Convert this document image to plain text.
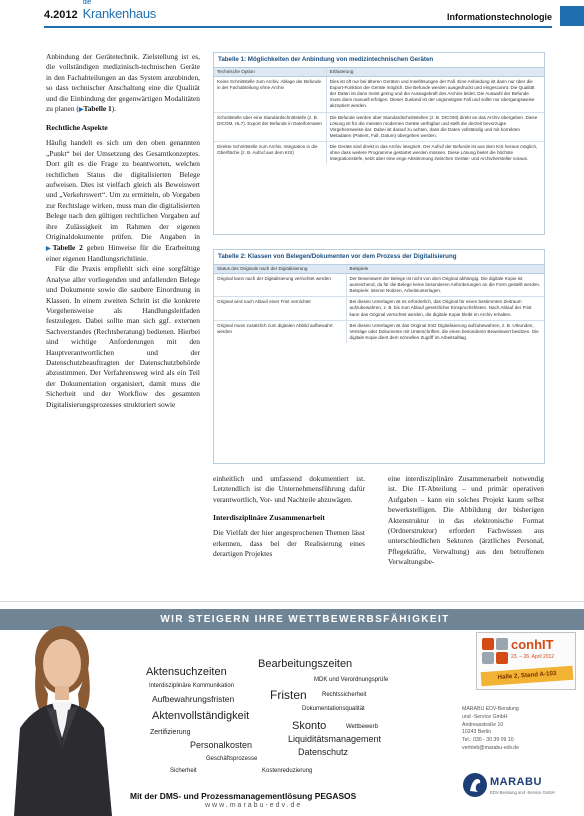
4.2012
die
Krankenhaus	Informationstechnologie

Anbindung der Gerätetechnik. Zielstellung ist es, die vollständigen medizinisch-technischen Geräte in den Fachabteilungen an das System anzubinden, so dass technischer Anschaltung eine die Qualität und die Einbindung der gegenwärtigen Modalitäten zu planen (▶Tabelle 1).

Rechtliche Aspekte

Häufig handelt es sich um den oben genannten „Punkt“ bei der Umsetzung des Gesamtkonzeptes. Dort gilt es die Frage zu beantworten, welchen rechtlichen Status die digitalisierten Belege aufweisen. Dies ist vielfach gleich als Beweiswert und „Verkehrswert“. Um zu ermitteln, ob Vorgaben zur Rechtslage wirken, muss man die digitalisierten Belege nach den gültigen rechtlichen Vorgaben auf ihre Zulässigkeit im Rahmen der eigenen Originaldokumente prüfen. Die Angaben in ▶Tabelle 2 geben Hinweise für die Erarbeitung einer eigenen Handlungsrichtlinie.

Für die Praxis empfiehlt sich eine sorgfältige Analyse aller vorliegenden und anfallenden Belege und Dokumente sowie die saubere Einordnung in Klassen. In einem zweiten Schritt ist die konkrete Vorgehensweise als Handlungsleitfaden festzulegen. Dabei sollte man sich ggf. externen Sachverstandes (Rechtsberatung) bedienen. Hierbei sind wichtige Anforderungen mit den Hauptverantwortlichen und der Datenschutzbeauftragten der Datenschutzbehörde abzustimmen. Der Verfahrensweg wird als ein Teil der Dokumentation organisiert, damit muss die Sicherheit und der Workflow des gesamten Digitalisierungsprozesses strukturiert sowie

Tabelle 1: Möglichkeiten der Anbindung von medizintechnischen Geräten
Technische Option	Erläuterung
Keine Schnittstelle zum Archiv. Ablage der Befunde in der Fachabteilung ohne Archiv	Dies ist oft nur bei älteren Geräten und Insellösungen der Fall. Eine Anbindung ist dann nur über die Export-Funktion der Geräte möglich. Die Befunde werden ausgedruckt und eingescannt. Die Qualität der Daten ist dann meist gering und die Aussagekraft des Archivs leidet. Die Auswahl der Befunde muss dann manuell erfolgen. Dieser Zustand ist der ungünstigste Fall und sollte nur übergangsweise akzeptiert werden.
Schnittstelle über eine Standardschnittstelle (z. B. DICOM, HL7). Export der Befunde in Dateiformaten	Die Befunde werden über Standardschnittstellen (z. B. DICOM) direkt an das Archiv übergeben. Diese Lösung ist für die meisten modernen Geräte verfügbar und stellt die derzeit bevorzugte Vorgehensweise dar. Dabei ist darauf zu achten, dass die Daten vollständig und mit korrekten Metadaten (Patient, Fall, Datum) übergeben werden.
Direkte Schnittstelle zum Archiv. Integration in die Oberfläche (z. B. Aufruf aus dem KIS)	Die Geräte sind direkt in das Archiv integriert. Der Aufruf der Befunde ist aus dem KIS heraus möglich, ohne dass weitere Programme gestartet werden müssen. Diese Lösung bietet die höchste Integrationstiefe, setzt aber eine enge Abstimmung zwischen Geräte- und Archivhersteller voraus.
Tabelle 2: Klassen von Belegen/Dokumenten vor dem Prozess der Digitalisierung
Status des Originals nach der Digitalisierung	Beispiele
Original kann nach der Digitalisierung vernichtet werden	Der Beweiswert der Belege ist nicht von dem Original abhängig. Die digitale Kopie ist ausreichend, da für die Belege keine besonderen Anforderungen an die Form gestellt werden. Beispiele: interne Notizen, Arbeitsunterlagen.
Original wird nach Ablauf einer Frist vernichtet	Bei diesen Unterlagen ist es erforderlich, das Original für einen bestimmten Zeitraum aufzubewahren, z. B. bis zum Ablauf gesetzlicher Einspruchsfristen. Nach Ablauf der Frist kann das Original vernichtet werden, die digitale Kopie bleibt im Archiv erhalten.
Original muss zusätzlich zum digitalen Abbild aufbewahrt werden	Bei diesen Unterlagen ist das Original trotz Digitalisierung aufzubewahren, z. B. Urkunden, Verträge oder Dokumente mit Unterschriften, die einen besonderen Beweiswert besitzen. Die digitale Kopie dient dem schnellen Zugriff im Arbeitsalltag.

einheitlich und umfassend dokumentiert ist. Letztendlich ist die Unternehmensführung dafür verantwortlich, Vor- und Nachteile abzuwägen.

Interdisziplinäre Zusammenarbeit

Die Vielfalt der hier angesprochenen Themen lässt erkennen, dass bei der Realisierung eines derartigen Projektes

eine interdisziplinäre Zusammenarbeit notwendig ist. Die IT-Abteilung – und primär operativen Aufgaben – kann ein solches Projekt kaum selbst bewerkstelligen. Die Abbildung der bisherigen Aktenstruktur in das elektronische Format (Ordnerstruktur) erfordert Fachwissen aus unterschiedlichen Sektoren (ärztliches Personal, Pflegekräfte, Verwaltung) aus den betroffenen Verwaltungsbe-

WIR STEIGERN IHRE WETTBEWERBSFÄHIGKEIT
Aktensuchzeiten
Bearbeitungszeiten
Interdisziplinäre Kommunikation
MDK und Verordnungsprüfe
Aufbewahrungsfristen	Fristen	Rechtssicherheit
Aktenvollständigkeit
Dokumentationsqualität
Zertifizierung
Skonto	Wettbewerb
Personalkosten
Liquiditätsmanagement
Datenschutz
Geschäftsprozesse
Sicherheit	Kostenreduzierung
Mit der DMS- und Prozessmanagementlösung PEGASOS
www.marabu-edv.de
conhIT
23. – 26. April 2012
Halle 2, Stand A-103
MARABU EDV-Beratung
und -Service GmbH
Andreasstraße 10
10243 Berlin
Tel.: 030 - 30 39 09 10
vertrieb@marabu-edv.de
MARABU
EDV-Beratung und -Service GmbH
